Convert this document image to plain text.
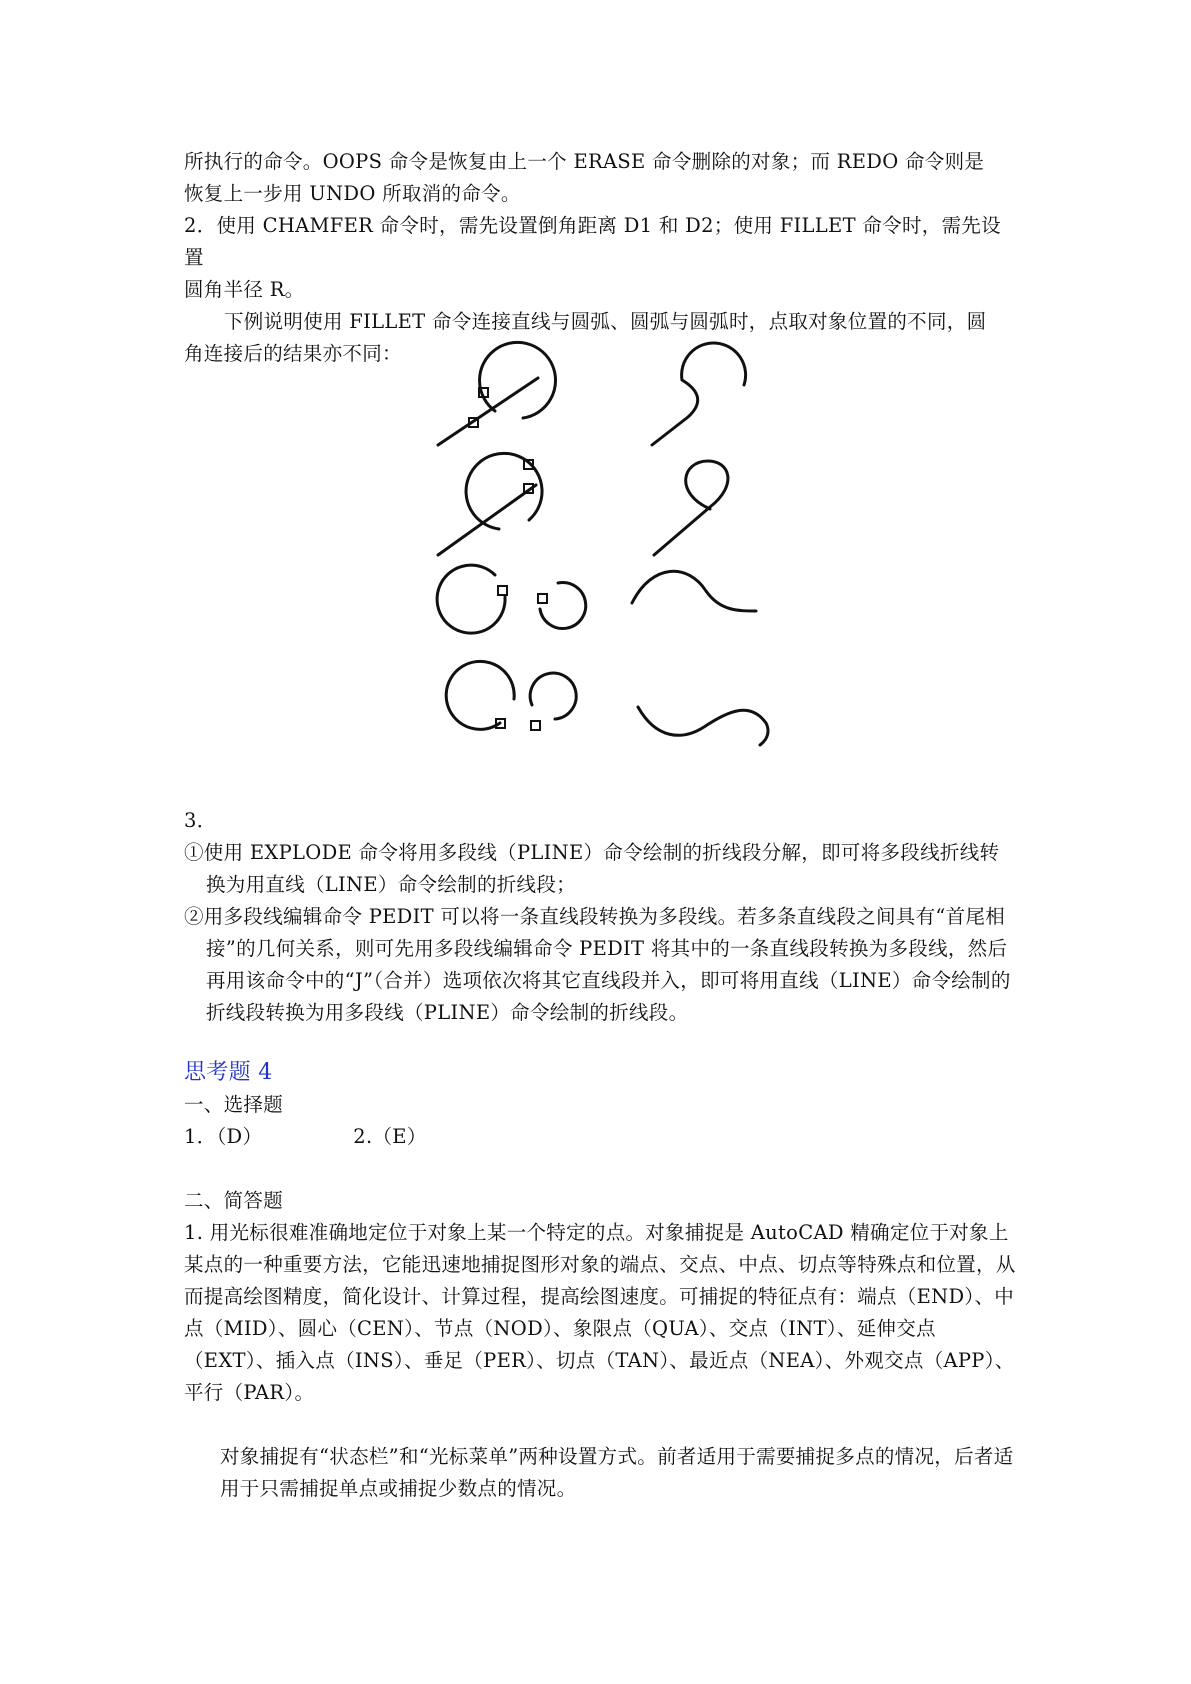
所执行的命令。OOPS 命令是恢复由上一个 ERASE 命令删除的对象；而 REDO 命令则是

恢复上一步用 UNDO 所取消的命令。

2．使用 CHAMFER 命令时，需先设置倒角距离 D1 和 D2；使用 FILLET 命令时，需先设置

圆角半径 R。

下例说明使用 FILLET 命令连接直线与圆弧、圆弧与圆弧时，点取对象位置的不同，圆

角连接后的结果亦不同：

3．

①使用 EXPLODE 命令将用多段线（PLINE）命令绘制的折线段分解，即可将多段线折线转换为用直线（LINE）命令绘制的折线段；

②用多段线编辑命令 PEDIT 可以将一条直线段转换为多段线。若多条直线段之间具有“首尾相接”的几何关系，则可先用多段线编辑命令 PEDIT 将其中的一条直线段转换为多段线，然后再用该命令中的“J”（合并）选项依次将其它直线段并入，即可将用直线（LINE）命令绘制的折线段转换为用多段线（PLINE）命令绘制的折线段。

思考题 4

一、选择题

1．（D）	2.（E）

二、简答题

1. 用光标很难准确地定位于对象上某一个特定的点。对象捕捉是 AutoCAD 精确定位于对象上某点的一种重要方法，它能迅速地捕捉图形对象的端点、交点、中点、切点等特殊点和位置，从而提高绘图精度，简化设计、计算过程，提高绘图速度。可捕捉的特征点有：端点（END）、中点（MID）、圆心（CEN）、节点（NOD）、象限点（QUA）、交点（INT）、延伸交点（EXT）、插入点（INS）、垂足（PER）、切点（TAN）、最近点（NEA）、外观交点（APP）、平行（PAR）。

对象捕捉有“状态栏”和“光标菜单”两种设置方式。前者适用于需要捕捉多点的情况，后者适用于只需捕捉单点或捕捉少数点的情况。
